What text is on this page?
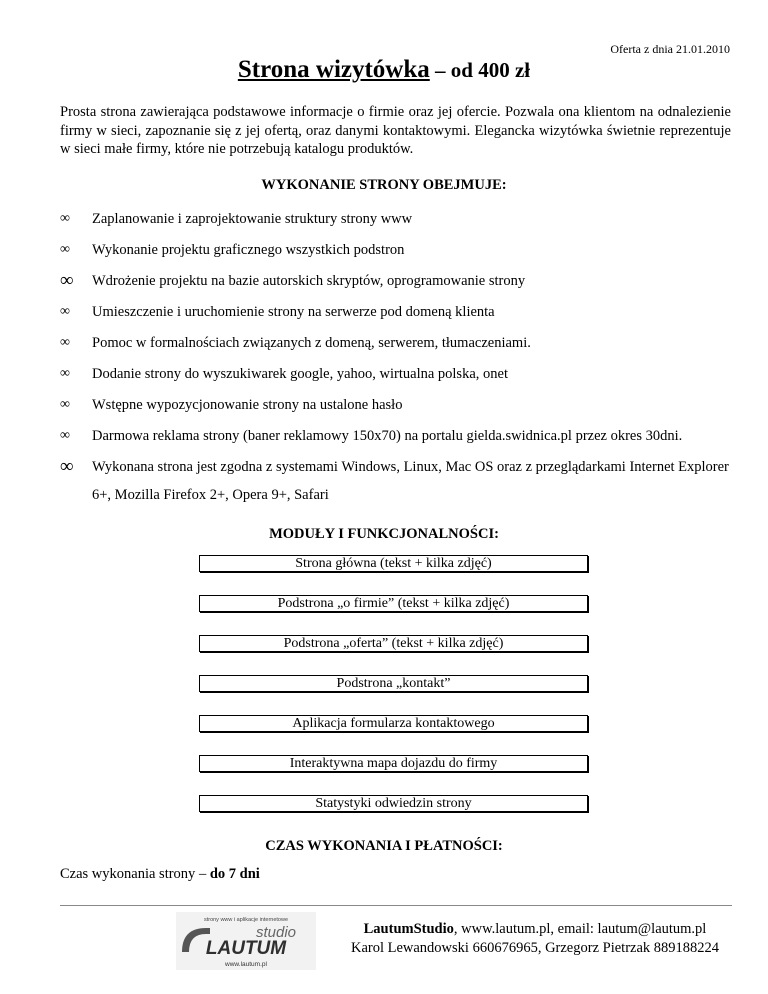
Oferta z dnia 21.01.2010
Strona wizytówka – od 400 zł
Prosta strona zawierająca podstawowe informacje o firmie oraz jej ofercie. Pozwala ona klientom na odnalezienie firmy w sieci, zapoznanie się z jej ofertą, oraz danymi kontaktowymi. Elegancka wizytówka świetnie reprezentuje w sieci małe firmy, które nie potrzebują katalogu produktów.
WYKONANIE STRONY OBEJMUJE:
∞ Zaplanowanie i zaprojektowanie struktury strony www
∞ Wykonanie projektu graficznego wszystkich podstron
∞ Wdrożenie projektu na bazie autorskich skryptów, oprogramowanie strony
∞ Umieszczenie i uruchomienie strony na serwerze pod domeną klienta
∞ Pomoc w formalnościach związanych z domeną, serwerem, tłumaczeniami.
∞ Dodanie strony do wyszukiwarek google, yahoo, wirtualna polska, onet
∞ Wstępne wypozycjonowanie strony na ustalone hasło
∞ Darmowa reklama strony (baner reklamowy 150x70) na portalu gielda.swidnica.pl przez okres 30dni.
∞ Wykonana strona jest zgodna z systemami Windows, Linux, Mac OS oraz z przeglądarkami Internet Explorer 6+, Mozilla Firefox 2+, Opera 9+, Safari
MODUŁY I FUNKCJONALNOŚCI:
Strona główna (tekst + kilka zdjęć)
Podstrona „o firmie” (tekst + kilka zdjęć)
Podstrona „oferta” (tekst + kilka zdjęć)
Podstrona „kontakt”
Aplikacja formularza kontaktowego
Interaktywna mapa dojazdu do firmy
Statystyki odwiedzin strony
CZAS WYKONANIA I PŁATNOŚCI:
Czas wykonania strony – do 7 dni
strony www i aplikacje internetowe
studio
LAUTUM
www.lautum.pl
LautumStudio, www.lautum.pl, email: lautum@lautum.pl
Karol Lewandowski 660676965, Grzegorz Pietrzak 889188224
